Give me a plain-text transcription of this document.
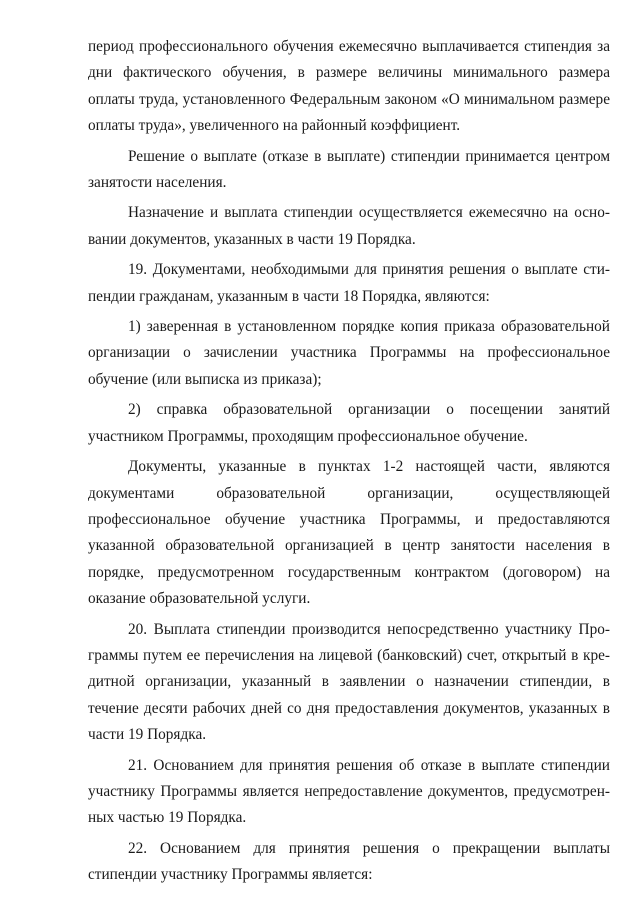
период профессионального обучения ежемесячно выплачивается стипендия за дни фактического обучения, в размере величины минимального размера оплаты труда, установленного Федеральным законом «О минимальном размере оплаты труда», увеличенного на районный коэффициент.

Решение о выплате (отказе в выплате) стипендии принимается центром занятости населения.

Назначение и выплата стипендии осуществляется ежемесячно на основании документов, указанных в части 19 Порядка.

19. Документами, необходимыми для принятия решения о выплате стипендии гражданам, указанным в части 18 Порядка, являются:

1) заверенная в установленном порядке копия приказа образовательной организации о зачислении участника Программы на профессиональное обучение (или выписка из приказа);

2) справка образовательной организации о посещении занятий участником Программы, проходящим профессиональное обучение.

Документы, указанные в пунктах 1-2 настоящей части, являются документами образовательной организации, осуществляющей профессиональное обучение участника Программы, и предоставляются указанной образовательной организацией в центр занятости населения в порядке, предусмотренном государственным контрактом (договором) на оказание образовательной услуги.

20. Выплата стипендии производится непосредственно участнику Программы путем ее перечисления на лицевой (банковский) счет, открытый в кредитной организации, указанный в заявлении о назначении стипендии, в течение десяти рабочих дней со дня предоставления документов, указанных в части 19 Порядка.

21. Основанием для принятия решения об отказе в выплате стипендии участнику Программы является непредоставление документов, предусмотренных частью 19 Порядка.

22. Основанием для принятия решения о прекращении выплаты стипендии участнику Программы является:
